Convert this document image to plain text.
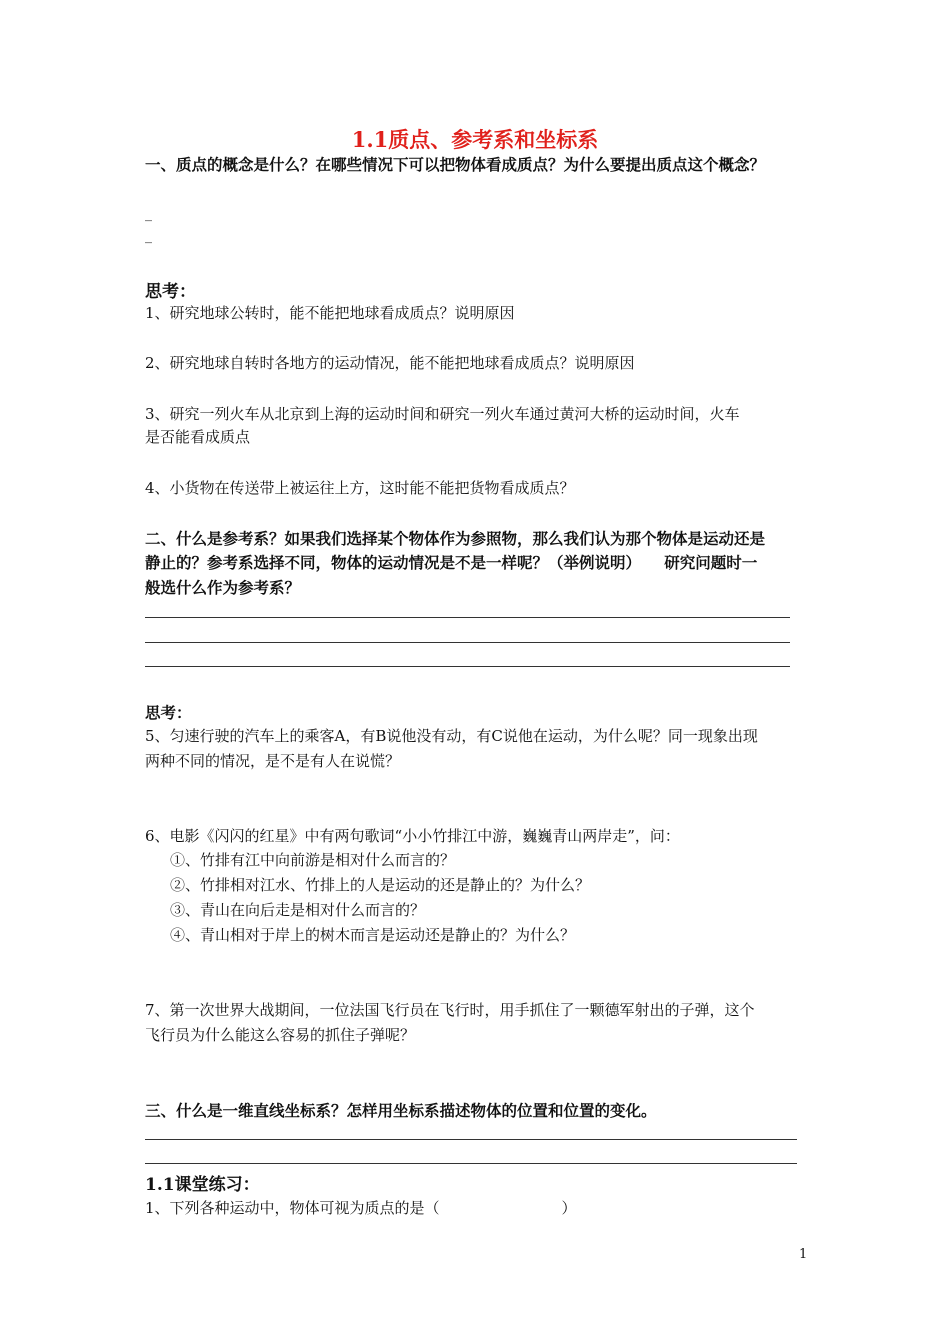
1.1质点、参考系和坐标系
一、质点的概念是什么？在哪些情况下可以把物体看成质点？为什么要提出质点这个概念？
_
_
思考：
1、研究地球公转时，能不能把地球看成质点？说明原因
2、研究地球自转时各地方的运动情况，能不能把地球看成质点？说明原因
3、研究一列火车从北京到上海的运动时间和研究一列火车通过黄河大桥的运动时间，火车
是否能看成质点
4、小货物在传送带上被运往上方，这时能不能把货物看成质点？
二、什么是参考系？如果我们选择某个物体作为参照物，那么我们认为那个物体是运动还是
静止的？参考系选择不同，物体的运动情况是不是一样呢？（举例说明）　　研究问题时一
般选什么作为参考系？
思考：
5、匀速行驶的汽车上的乘客A，有B说他没有动，有C说他在运动，为什么呢？同一现象出现
两种不同的情况，是不是有人在说慌？
6、电影《闪闪的红星》中有两句歌词“小小竹排江中游，巍巍青山两岸走”，问：
①、竹排有江中向前游是相对什么而言的？
②、竹排相对江水、竹排上的人是运动的还是静止的？为什么？
③、青山在向后走是相对什么而言的？
④、青山相对于岸上的树木而言是运动还是静止的？为什么？
7、第一次世界大战期间，一位法国飞行员在飞行时，用手抓住了一颗德军射出的子弹，这个
飞行员为什么能这么容易的抓住子弹呢？
三、什么是一维直线坐标系？怎样用坐标系描述物体的位置和位置的变化。
1.1课堂练习：
1、下列各种运动中，物体可视为质点的是（	）
1
